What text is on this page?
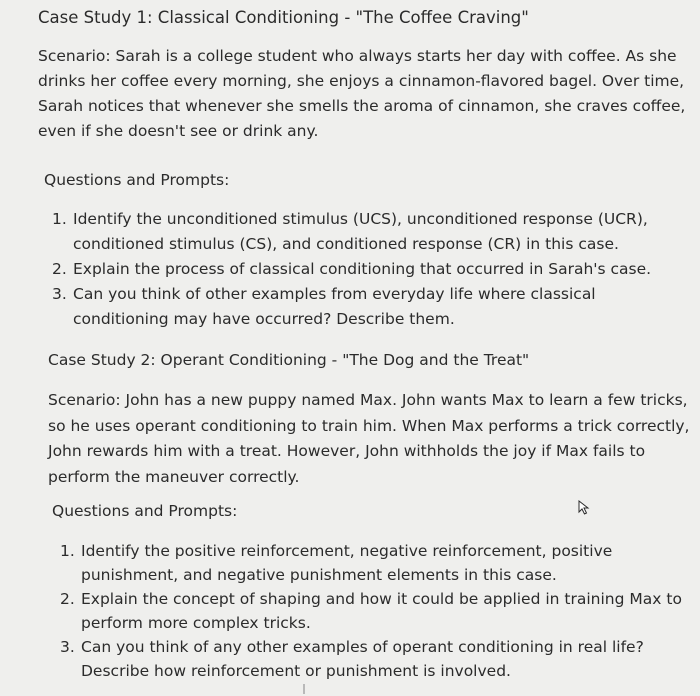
Case Study 1: Classical Conditioning - "The Coffee Craving"
Scenario: Sarah is a college student who always starts her day with coffee. As she drinks her coffee every morning, she enjoys a cinnamon-flavored bagel. Over time, Sarah notices that whenever she smells the aroma of cinnamon, she craves coffee, even if she doesn't see or drink any.
Questions and Prompts:
1. Identify the unconditioned stimulus (UCS), unconditioned response (UCR), conditioned stimulus (CS), and conditioned response (CR) in this case.
2. Explain the process of classical conditioning that occurred in Sarah's case.
3. Can you think of other examples from everyday life where classical conditioning may have occurred? Describe them.
Case Study 2: Operant Conditioning - "The Dog and the Treat"
Scenario: John has a new puppy named Max. John wants Max to learn a few tricks, so he uses operant conditioning to train him. When Max performs a trick correctly, John rewards him with a treat. However, John withholds the joy if Max fails to perform the maneuver correctly.
Questions and Prompts:
1. Identify the positive reinforcement, negative reinforcement, positive punishment, and negative punishment elements in this case.
2. Explain the concept of shaping and how it could be applied in training Max to perform more complex tricks.
3. Can you think of any other examples of operant conditioning in real life? Describe how reinforcement or punishment is involved.
